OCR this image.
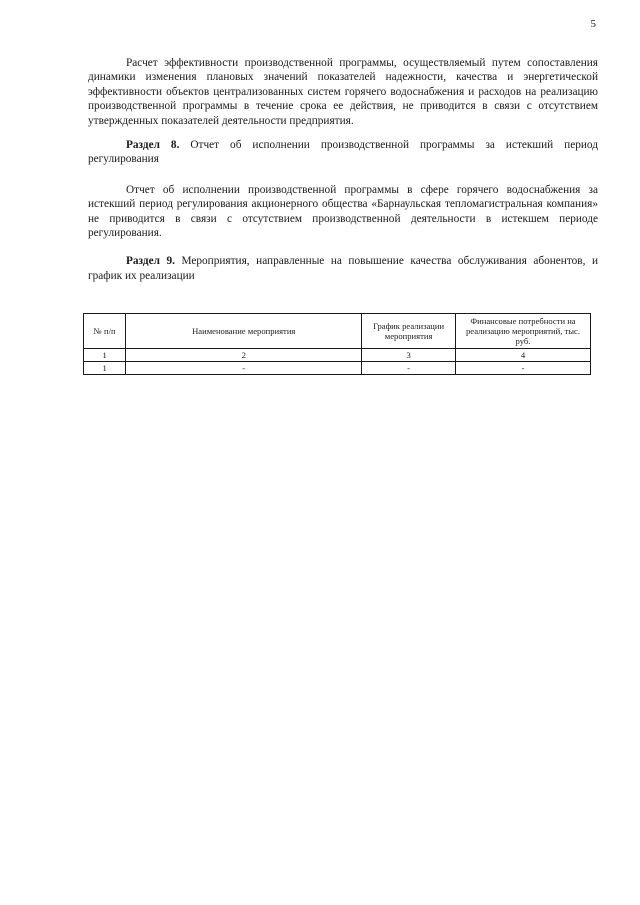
5

Расчет эффективности производственной программы, осуществляемый путем сопоставления динамики изменения плановых значений показателей надежности, качества и энергетической эффективности объектов централизованных систем горячего водоснабжения и расходов на реализацию производственной программы в течение срока ее действия, не приводится в связи с отсутствием утвержденных показателей деятельности предприятия.

Раздел 8. Отчет об исполнении производственной программы за истекший период регулирования

Отчет об исполнении производственной программы в сфере горячего водоснабжения за истекший период регулирования акционерного общества «Барнаульская тепломагистральная компания» не приводится в связи с отсутствием производственной деятельности в истекшем периоде регулирования.

Раздел 9. Мероприятия, направленные на повышение качества обслуживания абонентов, и график их реализации

№ п/п	Наименование мероприятия	График реализации мероприятия	Финансовые потребности на реализацию мероприятий, тыс. руб.
1	2	3	4
1	-	-	-
